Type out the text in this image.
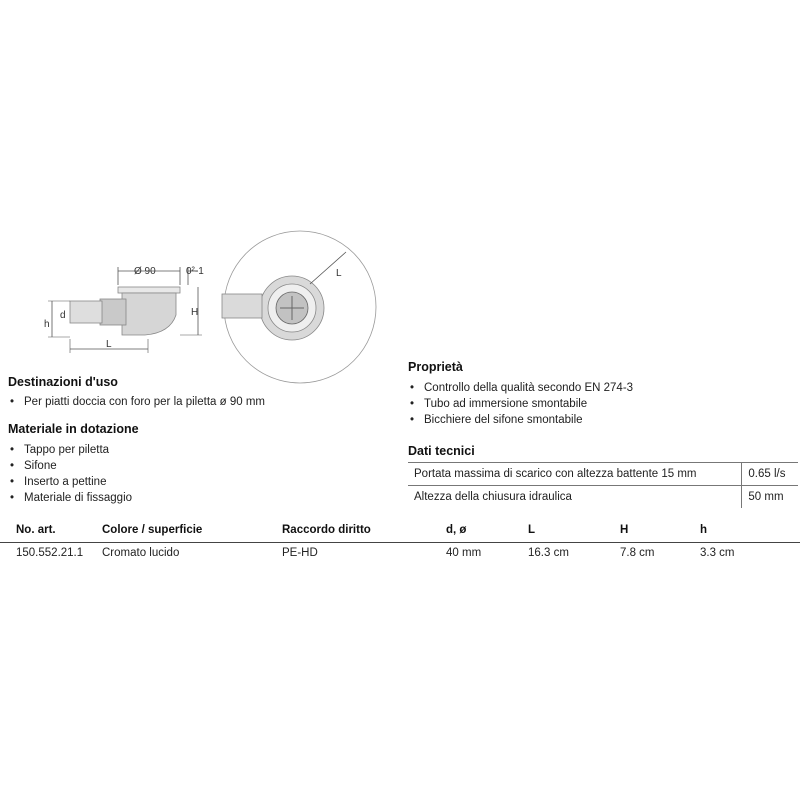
Ø 90	0²-1
d
h
H
L
L
Destinazioni d'uso
• Per piatti doccia con foro per la piletta ø 90 mm
Materiale in dotazione
• Tappo per piletta
• Sifone
• Inserto a pettine
• Materiale di fissaggio
Proprietà
• Controllo della qualità secondo EN 274-3
• Tubo ad immersione smontabile
• Bicchiere del sifone smontabile
Dati tecnici
Portata massima di scarico con altezza battente 15 mm	0.65 l/s
Altezza della chiusura idraulica	50 mm
No. art.	Colore / superficie	Raccordo diritto	d, ø	L	H	h
150.552.21.1 Cromato lucido	PE-HD	40 mm	16.3 cm	7.8 cm	3.3 cm
